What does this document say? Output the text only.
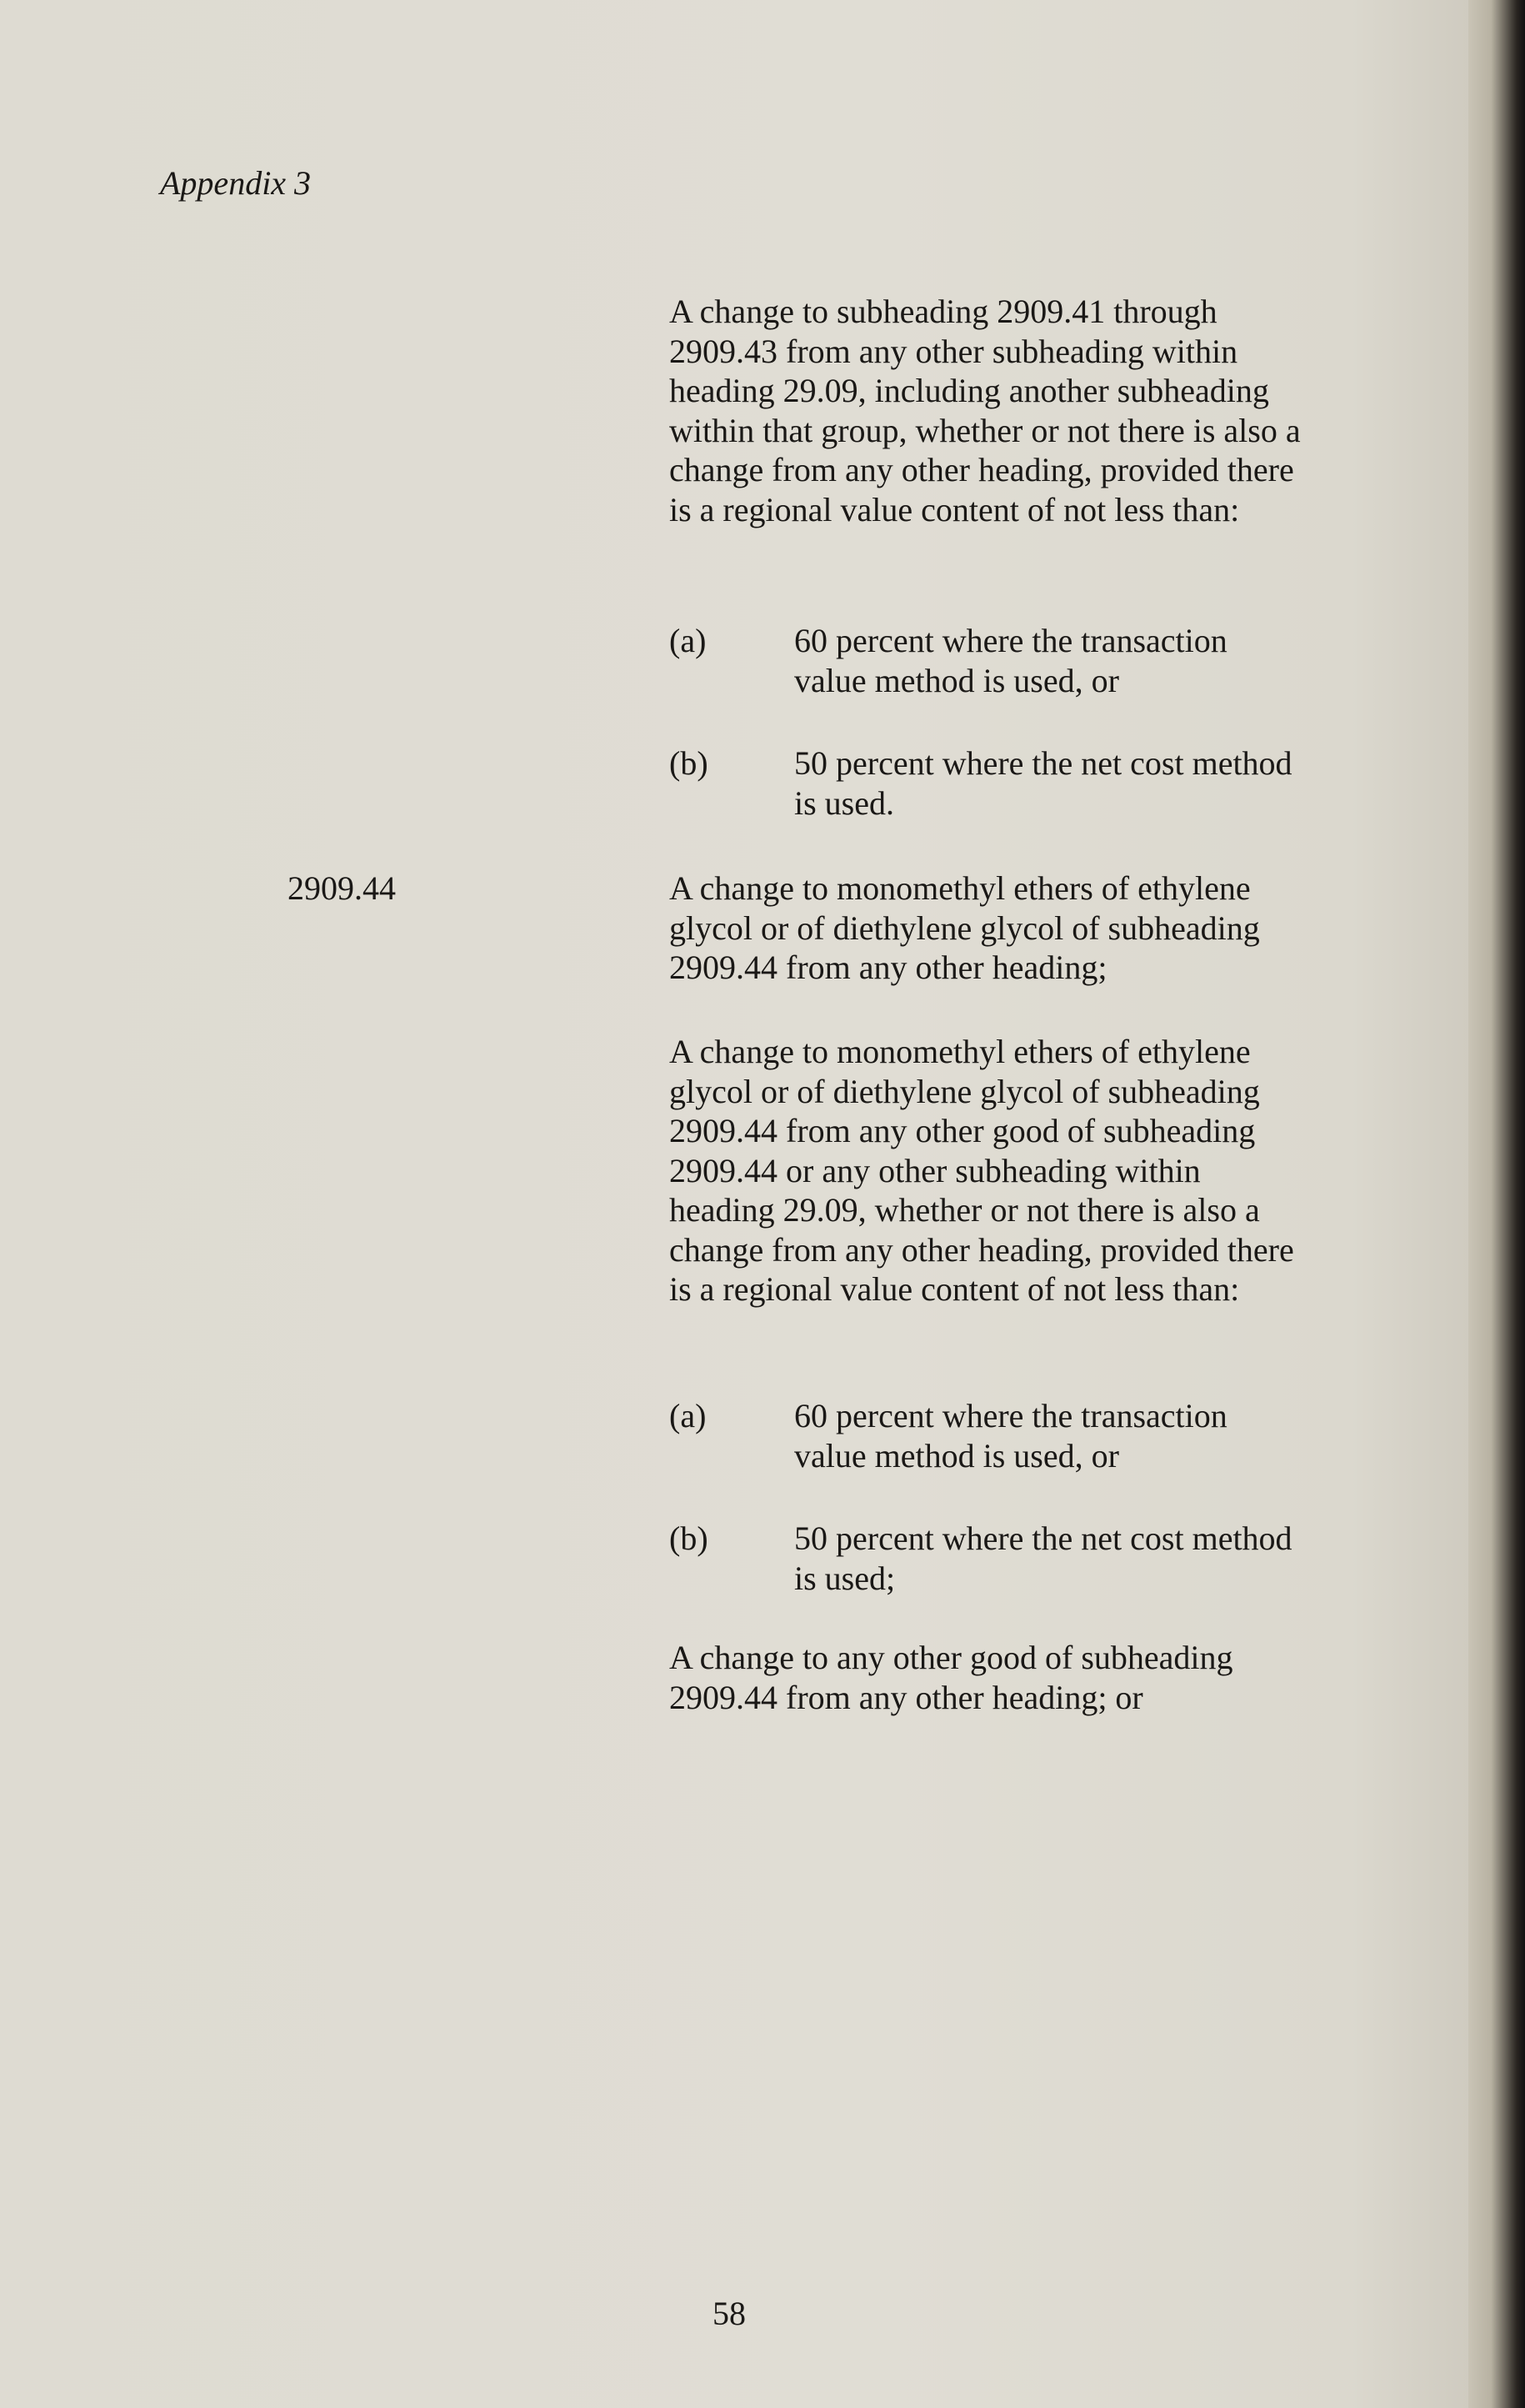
Appendix 3

A change to subheading 2909.41 through 2909.43 from any other subheading within heading 29.09, including another subheading within that group, whether or not there is also a change from any other heading, provided there is a regional value content of not less than:

(a)	60 percent where the transaction value method is used, or
(b)	50 percent where the net cost method is used.
2909.44	A change to monomethyl ethers of ethylene glycol or of diethylene glycol of subheading 2909.44 from any other heading;

A change to monomethyl ethers of ethylene glycol or of diethylene glycol of subheading 2909.44 from any other good of subheading 2909.44 or any other subheading within heading 29.09, whether or not there is also a change from any other heading, provided there is a regional value content of not less than:

(a)	60 percent where the transaction value method is used, or
(b)	50 percent where the net cost method is used;

A change to any other good of subheading 2909.44 from any other heading; or

58
